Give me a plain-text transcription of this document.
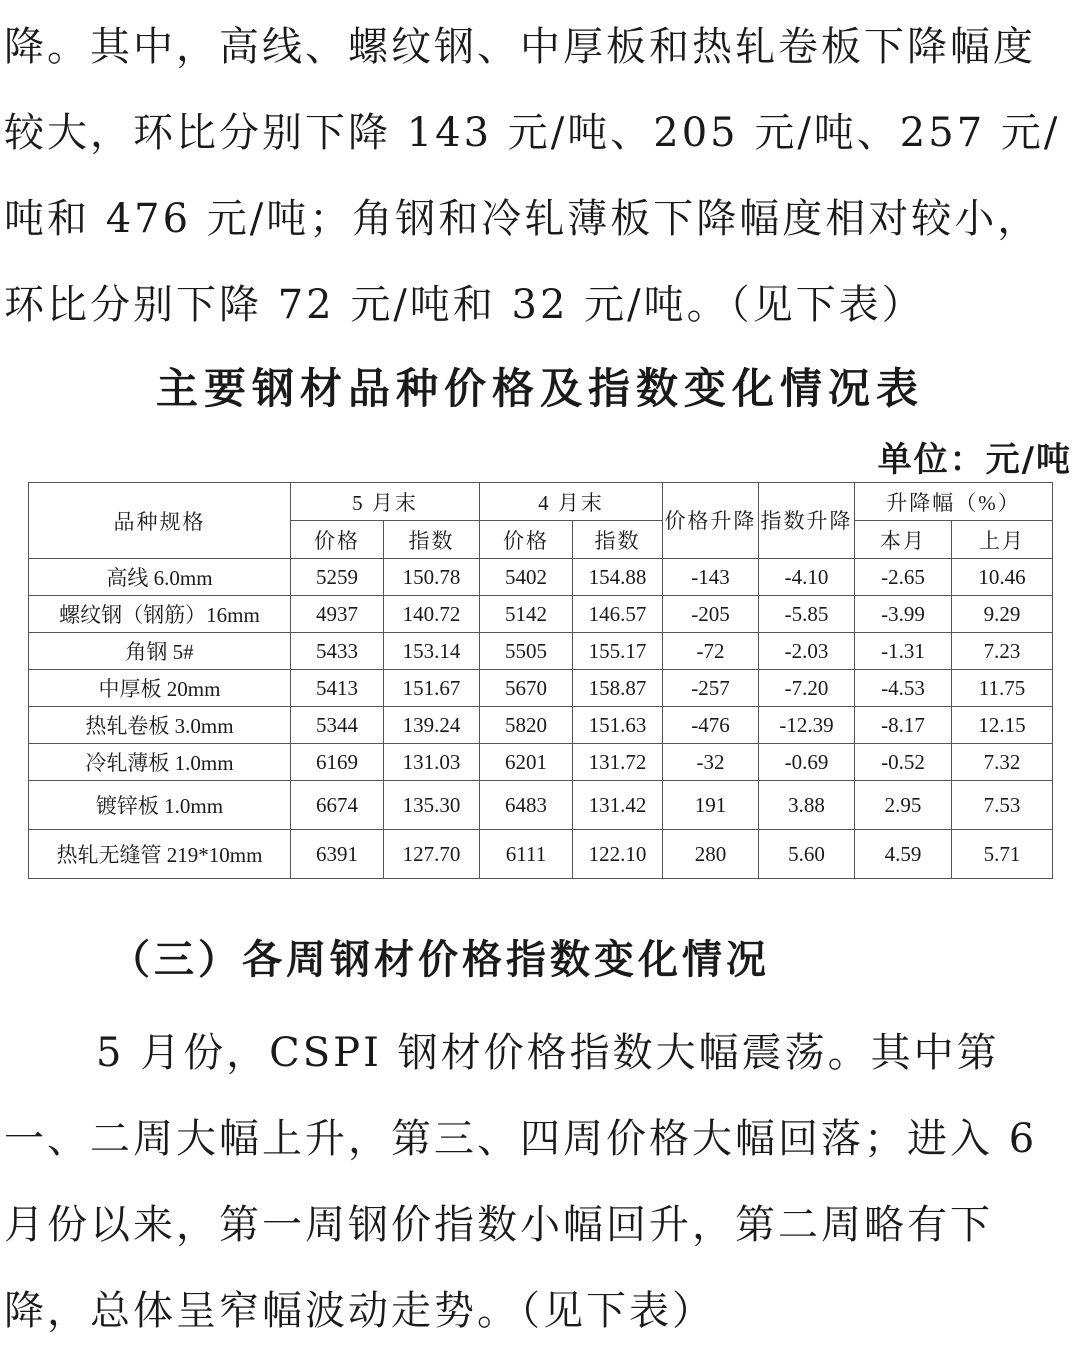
降。其中，高线、螺纹钢、中厚板和热轧卷板下降幅度较大，环比分别下降 143 元/吨、205 元/吨、257 元/吨和 476 元/吨；角钢和冷轧薄板下降幅度相对较小，环比分别下降 72 元/吨和 32 元/吨。（见下表）

主要钢材品种价格及指数变化情况表
单位：元/吨
品种规格	5 月末		4 月末		价格升降	指数升降	升降幅（%）	
	价格	指数	价格	指数			本月	上月
高线 6.0mm	5259	150.78	5402	154.88	-143	-4.10	-2.65	10.46
螺纹钢（钢筋）16mm	4937	140.72	5142	146.57	-205	-5.85	-3.99	9.29
角钢 5#	5433	153.14	5505	155.17	-72	-2.03	-1.31	7.23
中厚板 20mm	5413	151.67	5670	158.87	-257	-7.20	-4.53	11.75
热轧卷板 3.0mm	5344	139.24	5820	151.63	-476	-12.39	-8.17	12.15
冷轧薄板 1.0mm	6169	131.03	6201	131.72	-32	-0.69	-0.52	7.32
镀锌板 1.0mm	6674	135.30	6483	131.42	191	3.88	2.95	7.53
热轧无缝管 219*10mm	6391	127.70	6111	122.10	280	5.60	4.59	5.71
（三）各周钢材价格指数变化情况

5 月份，CSPI 钢材价格指数大幅震荡。其中第一、二周大幅上升，第三、四周价格大幅回落；进入 6 月份以来，第一周钢价指数小幅回升，第二周略有下降，总体呈窄幅波动走势。（见下表）
